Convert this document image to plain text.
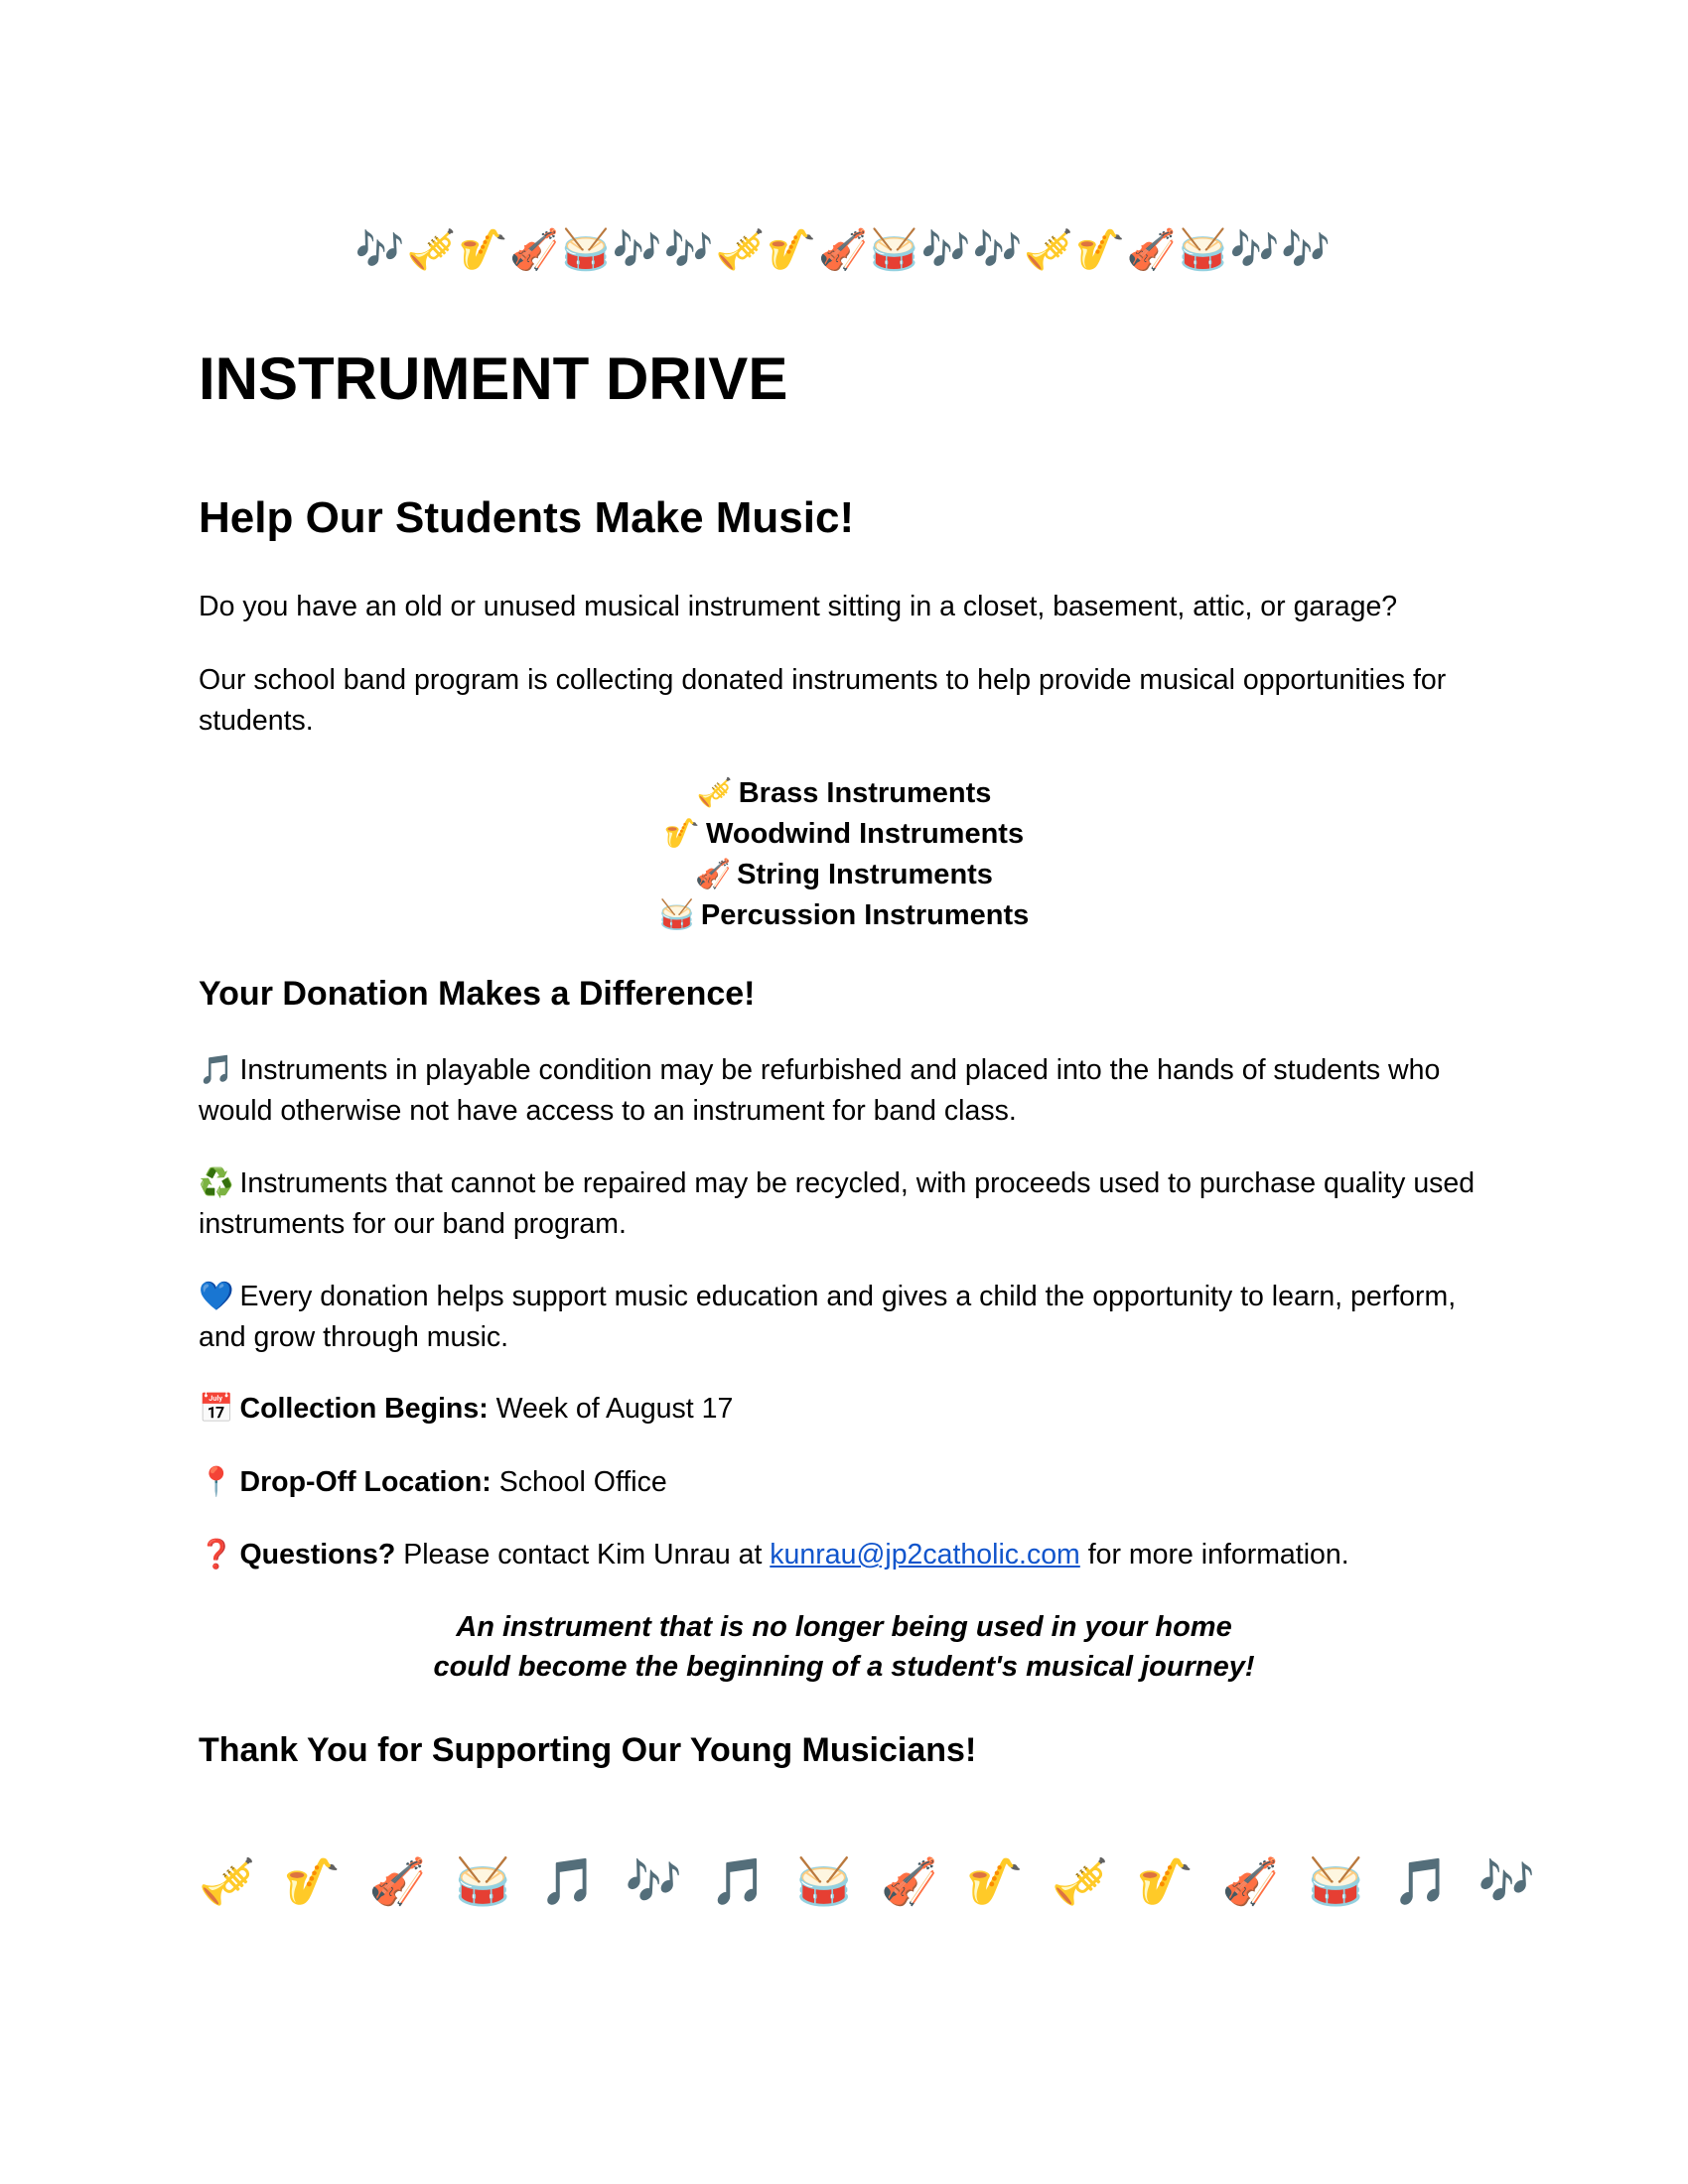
🎶🎺🎷🎻🥁🎶🎶🎺🎷🎻🥁🎶🎶🎺🎷🎻🥁🎶🎶
INSTRUMENT DRIVE
Help Our Students Make Music!

Do you have an old or unused musical instrument sitting in a closet, basement, attic, or garage?

Our school band program is collecting donated instruments to help provide musical opportunities for students.

🎺 Brass Instruments
🎷 Woodwind Instruments
🎻 String Instruments
🥁 Percussion Instruments
Your Donation Makes a Difference!

🎵 Instruments in playable condition may be refurbished and placed into the hands of students who would otherwise not have access to an instrument for band class.

♻️ Instruments that cannot be repaired may be recycled, with proceeds used to purchase quality used instruments for our band program.

💙 Every donation helps support music education and gives a child the opportunity to learn, perform, and grow through music.

📅 Collection Begins: Week of August 17

📍 Drop-Off Location: School Office

❓ Questions? Please contact Kim Unrau at kunrau@jp2catholic.com for more information.

An instrument that is no longer being used in your home
could become the beginning of a student's musical journey!

Thank You for Supporting Our Young Musicians!
🎺 🎷 🎻 🥁 🎵 🎶 🎵 🥁 🎻 🎷 🎺 🎷 🎻 🥁 🎵 🎶
